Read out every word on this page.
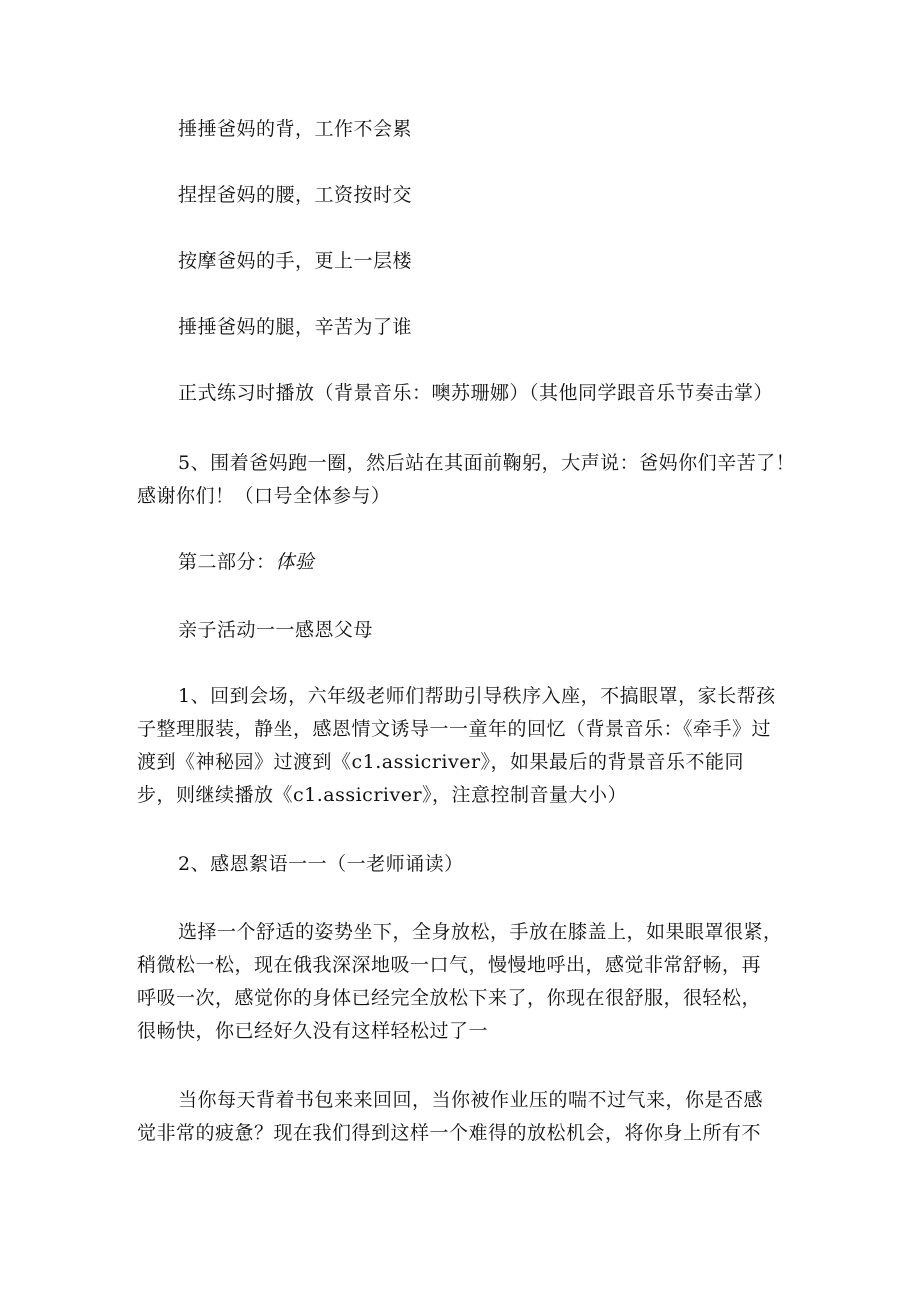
捶捶爸妈的背，工作不会累
捏捏爸妈的腰，工资按时交
按摩爸妈的手，更上一层楼
捶捶爸妈的腿，辛苦为了谁
正式练习时播放（背景音乐：噢苏珊娜）（其他同学跟音乐节奏击掌）
5、围着爸妈跑一圈，然后站在其面前鞠躬，大声说：爸妈你们辛苦了！
感谢你们！（口号全体参与）
第二部分：体验
亲子活动一一感恩父母
1、回到会场，六年级老师们帮助引导秩序入座，不搞眼罩，家长帮孩
子整理服装，静坐，感恩情文诱导一一童年的回忆（背景音乐：《牵手》过
渡到《神秘园》过渡到《c1.assicriver》，如果最后的背景音乐不能同
步，则继续播放《c1.assicriver》，注意控制音量大小）
2、感恩絮语一一（一老师诵读）
选择一个舒适的姿势坐下，全身放松，手放在膝盖上，如果眼罩很紧，
稍微松一松，现在俄我深深地吸一口气，慢慢地呼出，感觉非常舒畅，再
呼吸一次，感觉你的身体已经完全放松下来了，你现在很舒服，很轻松，
很畅快，你已经好久没有这样轻松过了一
当你每天背着书包来来回回，当你被作业压的喘不过气来，你是否感
觉非常的疲惫？现在我们得到这样一个难得的放松机会，将你身上所有不
